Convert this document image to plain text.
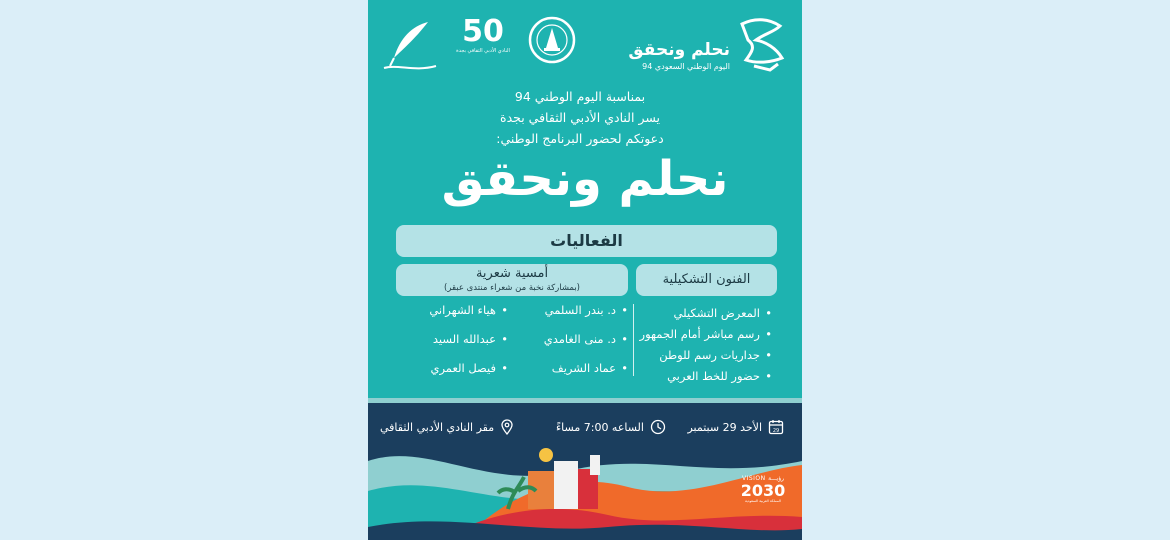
نحلم ونحقق
اليوم الوطني السعودي 94
50
النادي الأدبي الثقافي بجدة
بمناسبة اليوم الوطني 94
يسر النادي الأدبي الثقافي بجدة
دعوتكم لحضور البرنامج الوطني:
نحلم ونحقق
الفعاليات
الفنون التشكيلية
أمسية شعرية
(بمشاركة نخبة من شعراء منتدى عبقر)
• المعرض التشكيلي
• رسم مباشر أمام الجمهور
• جداريات رسم للوطن
• حضور للخط العربي
• د. بندر السلمي
• د. منى الغامدي
• عماد الشريف
• هياء الشهراني
• عبدالله السيد
• فيصل العمري
29
الأحد 29 سبتمبر
الساعه 7:00 مساءً
مقر النادي الأدبي الثقافي
VISION رؤيـــة
2030
المملكة العربية السعودية
